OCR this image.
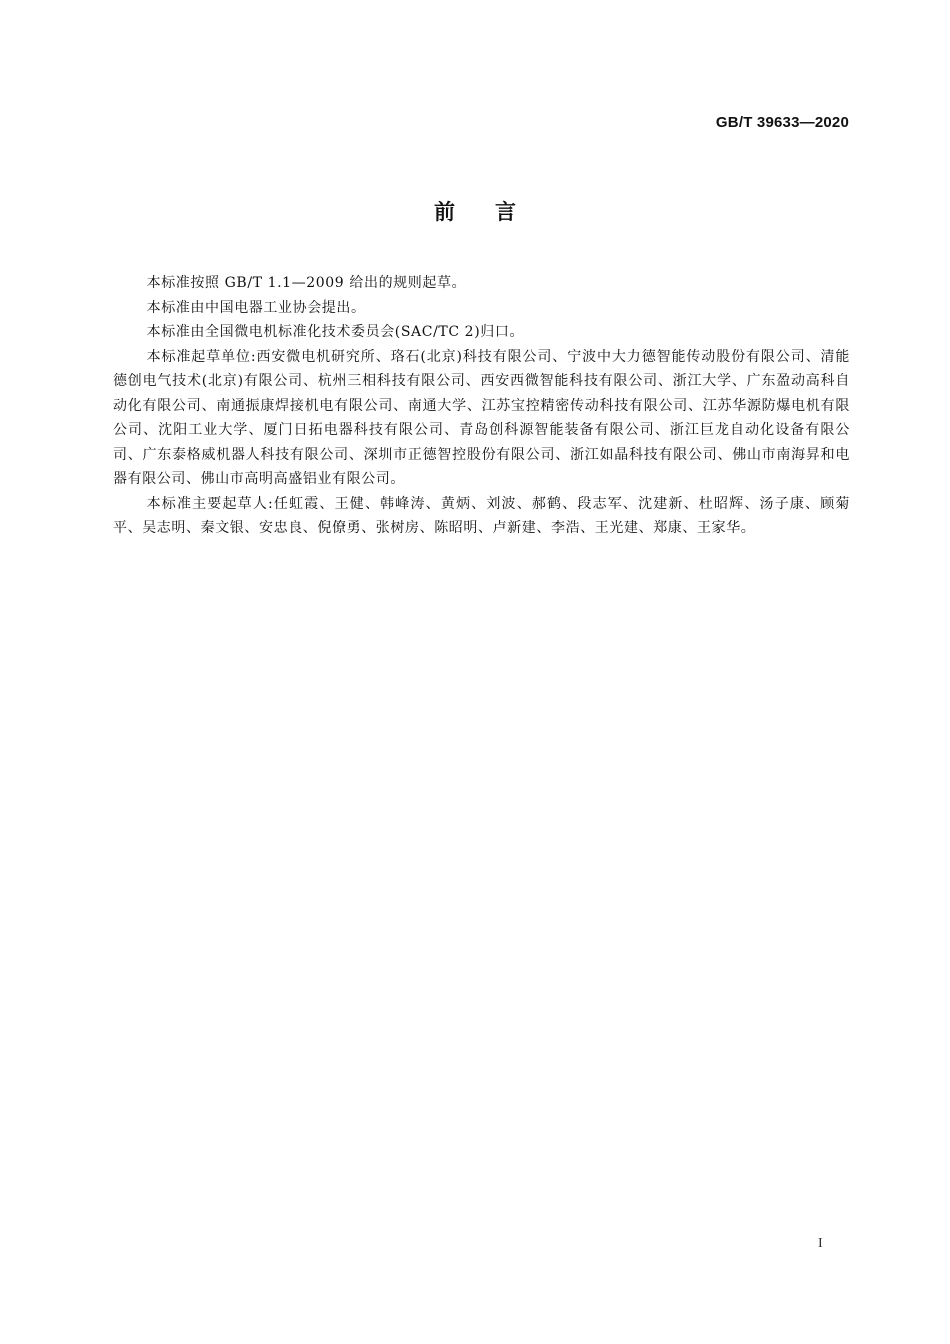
GB/T 39633—2020
前 言

本标准按照 GB/T 1.1—2009 给出的规则起草。

本标准由中国电器工业协会提出。

本标准由全国微电机标准化技术委员会(SAC/TC 2)归口。

本标准起草单位:西安微电机研究所、珞石(北京)科技有限公司、宁波中大力德智能传动股份有限公司、清能德创电气技术(北京)有限公司、杭州三相科技有限公司、西安西微智能科技有限公司、浙江大学、广东盈动高科自动化有限公司、南通振康焊接机电有限公司、南通大学、江苏宝控精密传动科技有限公司、江苏华源防爆电机有限公司、沈阳工业大学、厦门日拓电器科技有限公司、青岛创科源智能装备有限公司、浙江巨龙自动化设备有限公司、广东泰格威机器人科技有限公司、深圳市正德智控股份有限公司、浙江如晶科技有限公司、佛山市南海昇和电器有限公司、佛山市高明高盛铝业有限公司。

本标准主要起草人:任虹霞、王健、韩峰涛、黄炳、刘波、郝鹤、段志军、沈建新、杜昭辉、汤子康、顾菊平、吴志明、秦文银、安忠良、倪僚勇、张树房、陈昭明、卢新建、李浩、王光建、郑康、王家华。

I
